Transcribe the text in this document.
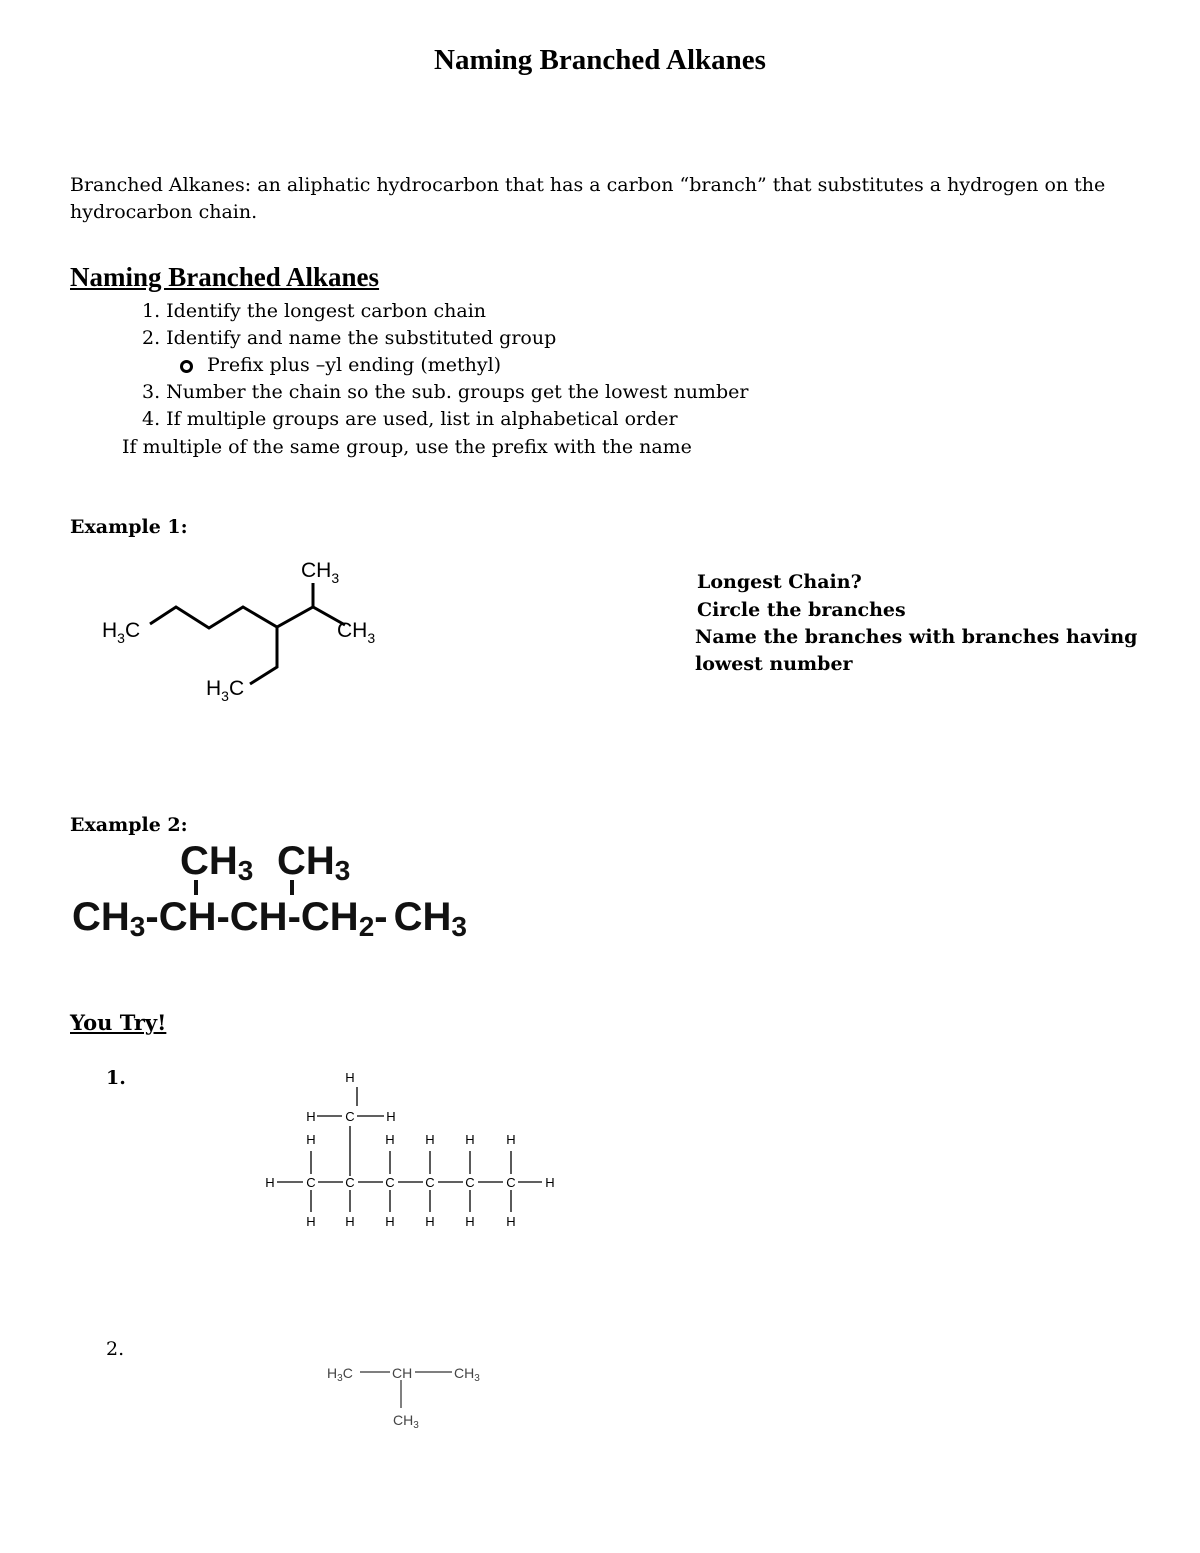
Naming Branched Alkanes
Branched Alkanes: an aliphatic hydrocarbon that has a carbon “branch” that substitutes a hydrogen on the hydrocarbon chain.
Naming Branched Alkanes
1. Identify the longest carbon chain
2. Identify and name the substituted group
Prefix plus –yl ending (methyl)
3. Number the chain so the sub. groups get the lowest number
4. If multiple groups are used, list in alphabetical order
If multiple of the same group, use the prefix with the name
Example 1:
$CH_3$
$CH_3$
$H_3C$
$H_3C$
Longest Chain?
Circle the branches
Name the branches with branches having
lowest number
Example 2:
CH3 CH3
CH3-CH-CH-CH2- CH3
You Try!
1.
2.
H
H C H
H	H H H H
H C C C C C C H
H H H H H H
$H_3C$	CH	$CH_3$
$CH_3$
